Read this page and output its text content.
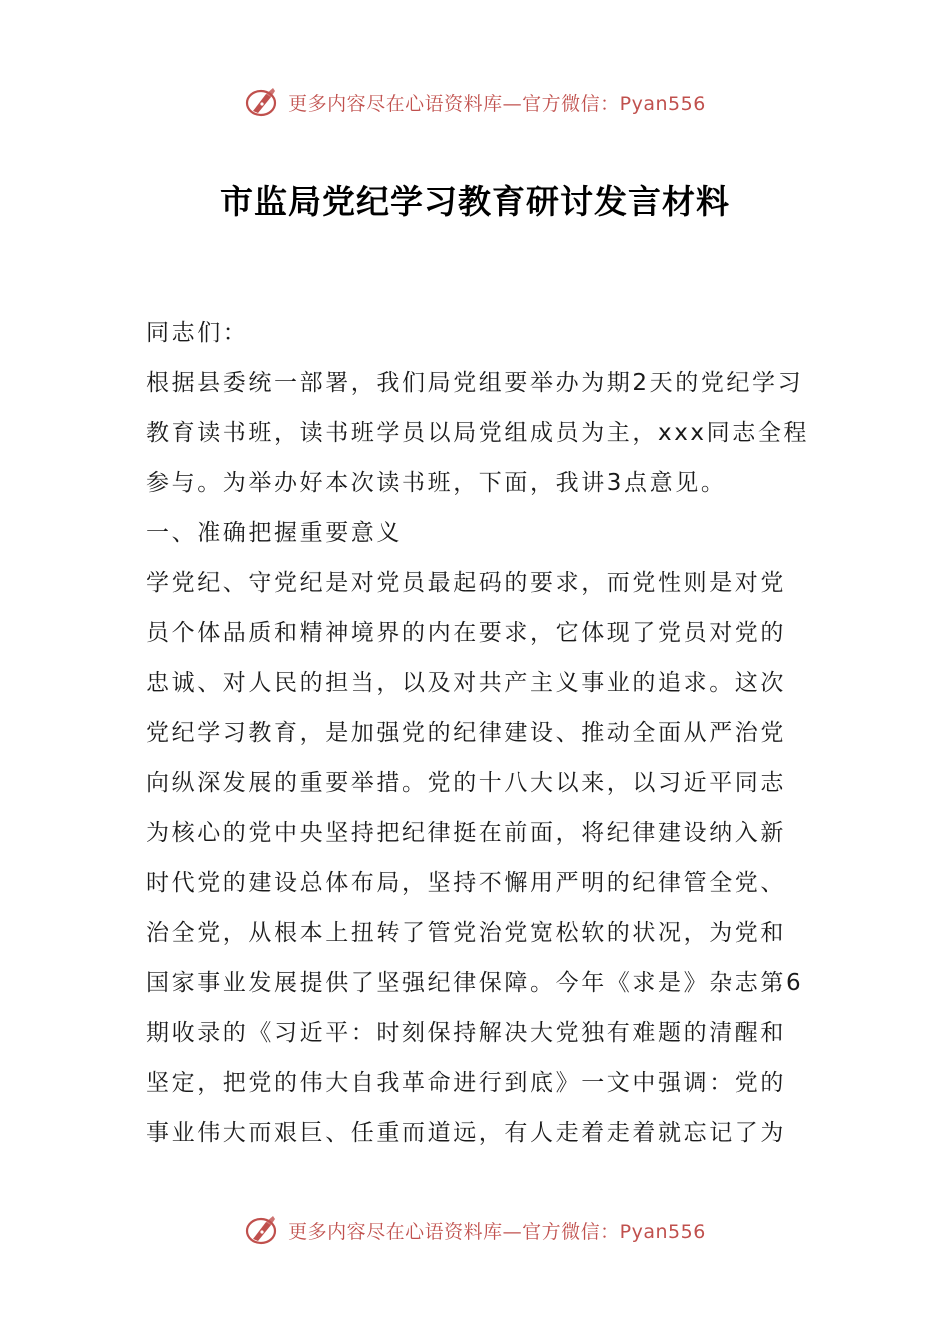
更多内容尽在心语资料库—官方微信：Pyan556
市监局党纪学习教育研讨发言材料
同志们：
根据县委统一部署，我们局党组要举办为期2天的党纪学习
教育读书班，读书班学员以局党组成员为主，xxx同志全程
参与。为举办好本次读书班，下面，我讲3点意见。
一、准确把握重要意义
学党纪、守党纪是对党员最起码的要求，而党性则是对党
员个体品质和精神境界的内在要求，它体现了党员对党的
忠诚、对人民的担当，以及对共产主义事业的追求。这次
党纪学习教育，是加强党的纪律建设、推动全面从严治党
向纵深发展的重要举措。党的十八大以来，以习近平同志
为核心的党中央坚持把纪律挺在前面，将纪律建设纳入新
时代党的建设总体布局，坚持不懈用严明的纪律管全党、
治全党，从根本上扭转了管党治党宽松软的状况，为党和
国家事业发展提供了坚强纪律保障。今年《求是》杂志第6
期收录的《习近平：时刻保持解决大党独有难题的清醒和
坚定，把党的伟大自我革命进行到底》一文中强调：党的
事业伟大而艰巨、任重而道远，有人走着走着就忘记了为
更多内容尽在心语资料库—官方微信：Pyan556
